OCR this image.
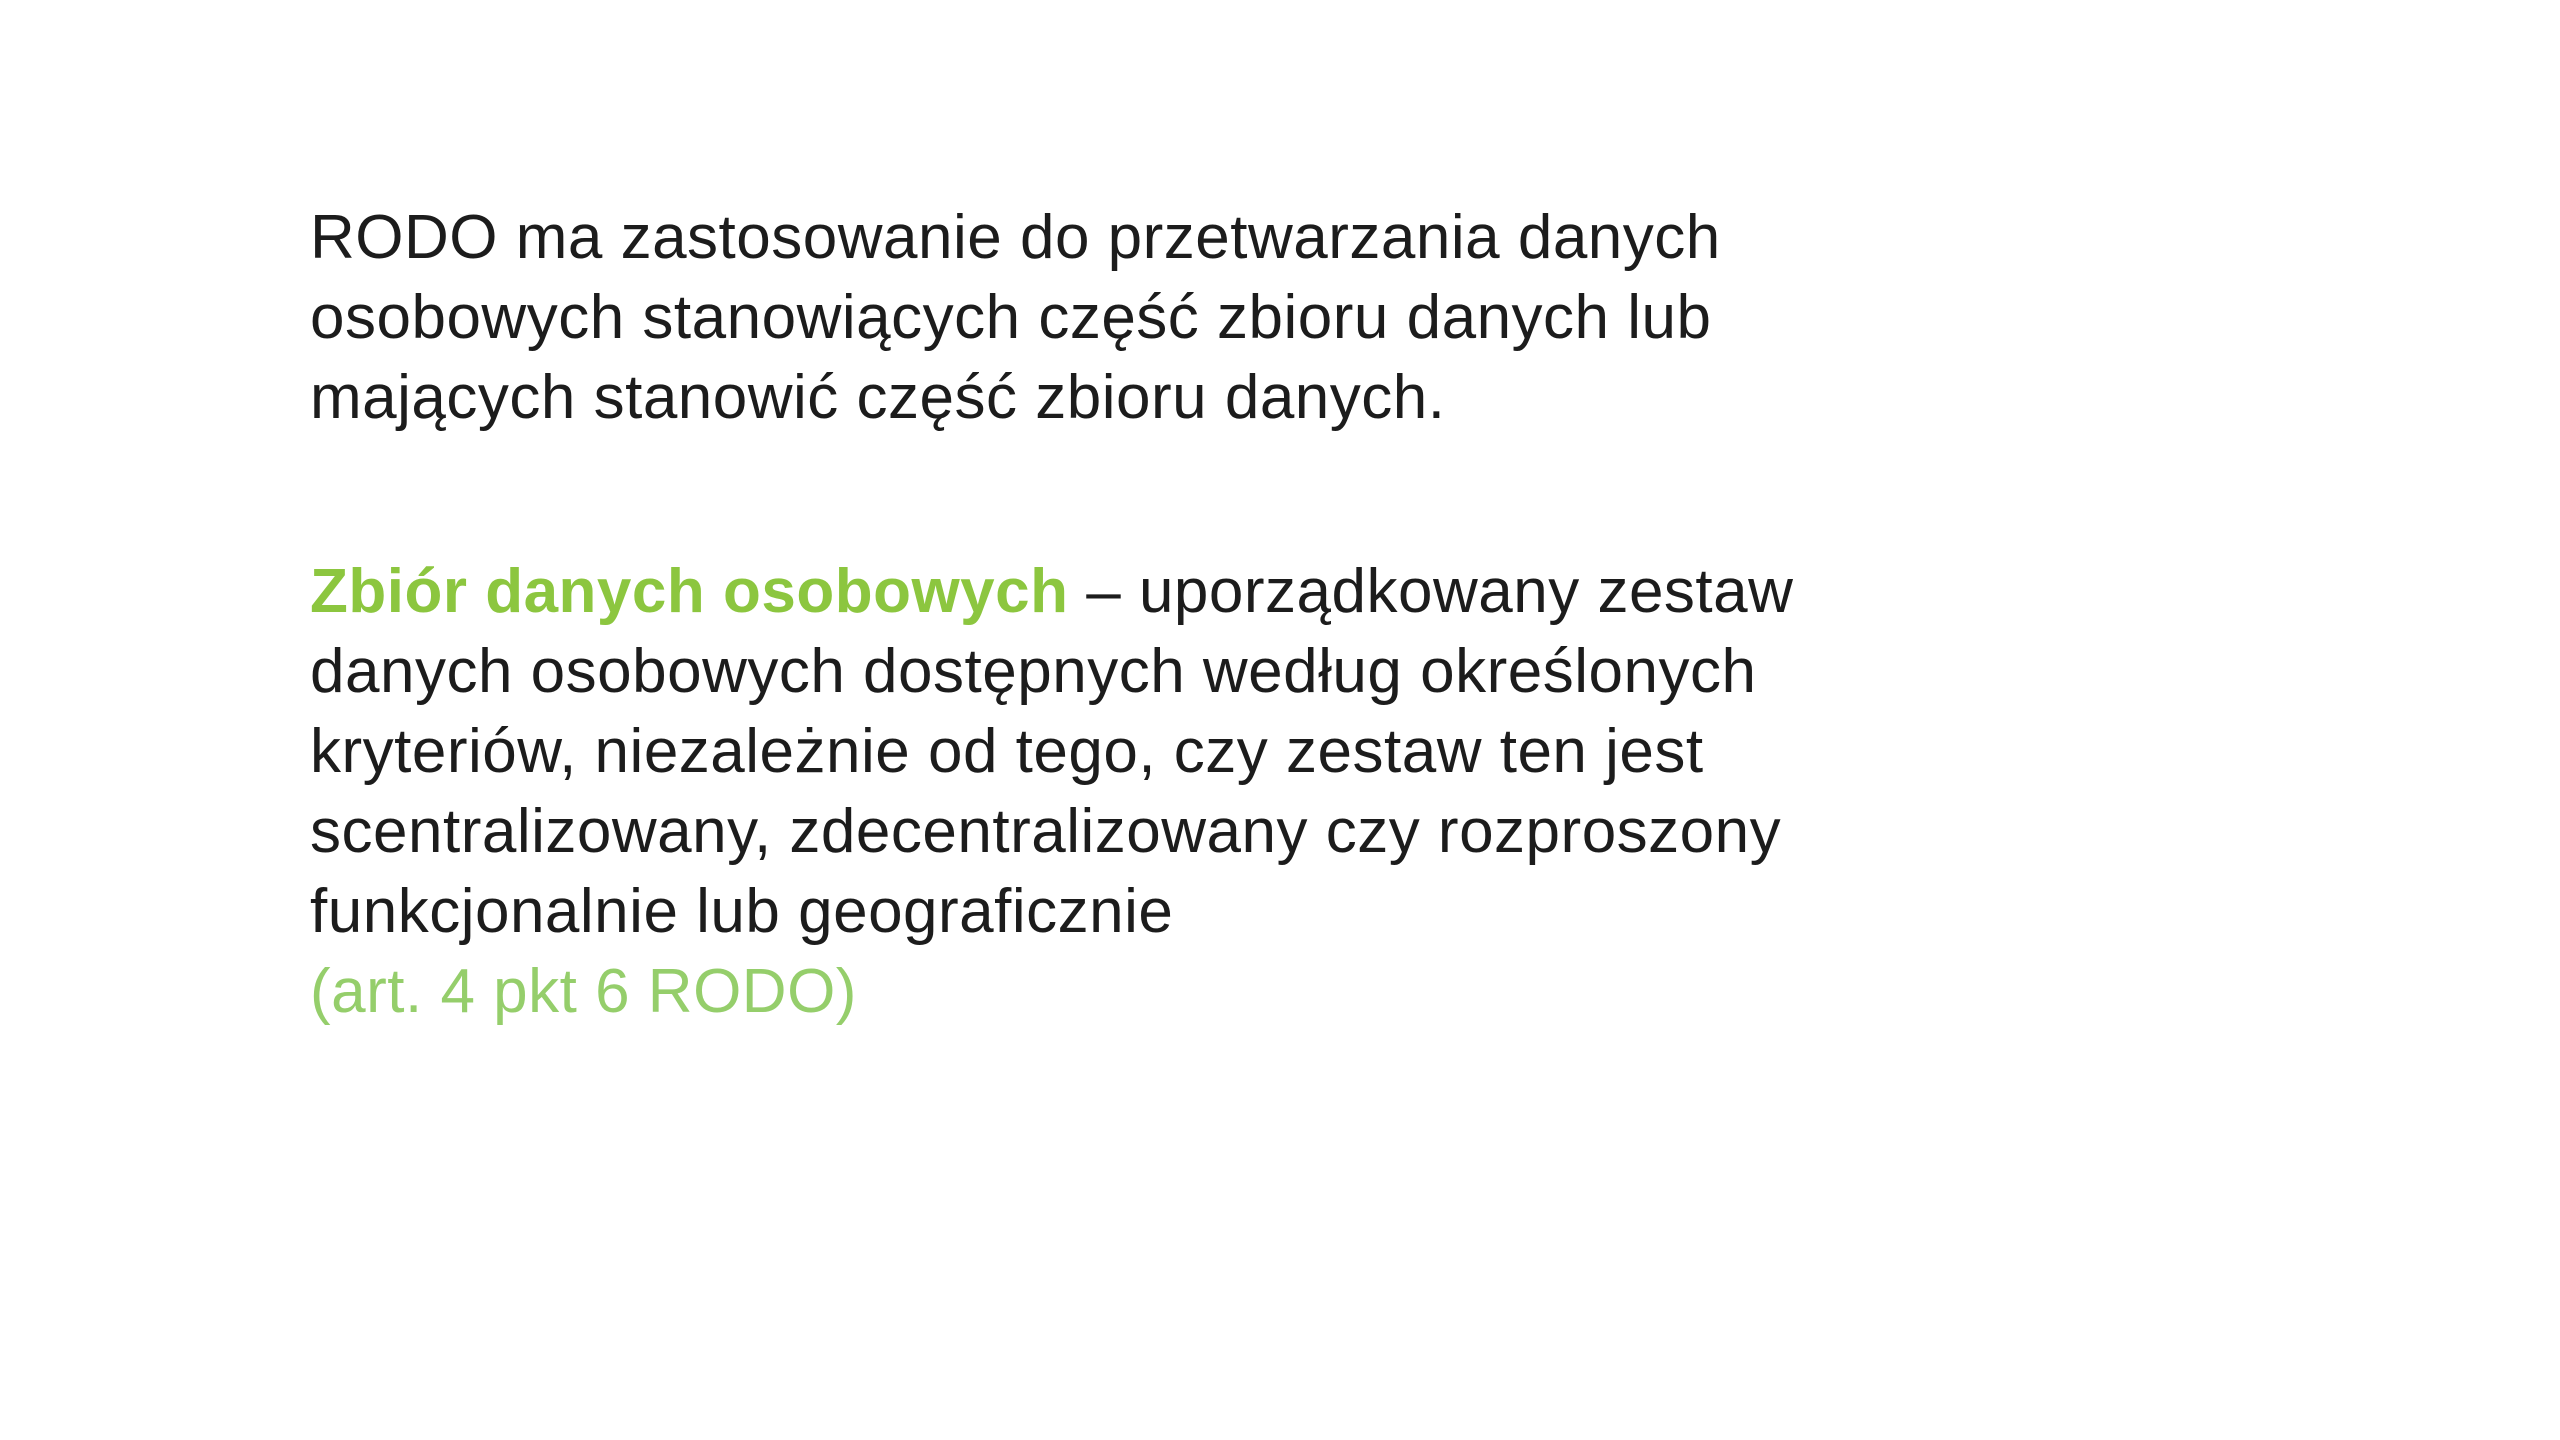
RODO ma zastosowanie do przetwarzania danych
osobowych stanowiących część zbioru danych lub
mających stanowić część zbioru danych.
Zbiór danych osobowych – uporządkowany zestaw
danych osobowych dostępnych według określonych
kryteriów, niezależnie od tego, czy zestaw ten jest
scentralizowany, zdecentralizowany czy rozproszony
funkcjonalnie lub geograficznie
(art. 4 pkt 6 RODO)
